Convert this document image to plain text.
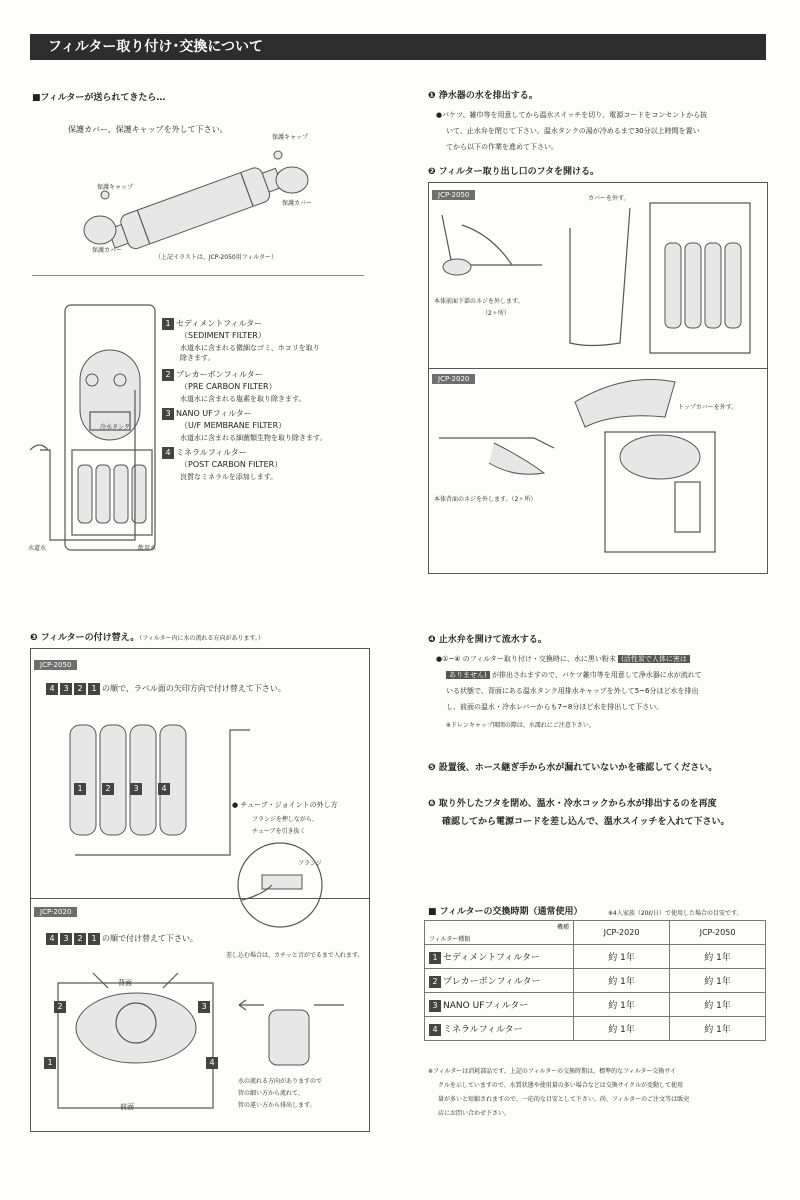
フィルター取り付け･交換について
■フィルターが送られてきたら…
保護カバー、保護キャップを外して下さい。
保護キャップ
保護カバー
保護キャップ
保護カバー
（上記イラストは、JCP-2050用フィルター）
冷水タンク
水道水	飲用水
1 セディメントフィルター
（SEDIMENT FILTER）
水道水に含まれる微細なゴミ、ホコリを取り
除きます。
2 プレカーボンフィルター
（PRE CARBON FILTER）
水道水に含まれる塩素を取り除きます。
3 NANO UFフィルター
（U/F MEMBRANE FILTER）
水道水に含まれる細菌類生物を取り除きます。
4 ミネラルフィルター
（POST CARBON FILTER）
良質なミネラルを添加します。
❶ 浄水器の水を排出する。
●バケツ、雑巾等を用意してから温水スイッチを切り、電源コードをコンセントから抜
いて、止水弁を閉じて下さい。温水タンクの湯が冷めるまで30分以上時間を置い
てから以下の作業を進めて下さい。
❷ フィルター取り出し口のフタを開ける。
JCP-2050
本体前面下部のネジを外します。
（2ヶ所）
カバーを外す。
JCP-2020
トップカバーを外す。
本体背面のネジを外します。（2ヶ所）
❸ フィルターの付け替え。（フィルター内に水の流れる方向があります。）
JCP-2050
4 3 2 1 の順で、ラベル面の矢印方向で付け替えて下さい。
1	2	3	4
● チューブ・ジョイントの外し方
フランジを押しながら、
チューブを引き抜く
フランジ
JCP-2020
4 3 2 1 の順で付け替えて下さい。
差し込む場合は、カチッと音がでるまで入れます。
背面
前面
2	3
1	4
水の流れる方向がありますので
管の細い方から流れて、
管の違い方から排出します。
❹ 止水弁を開けて流水する。
●①~④ のフィルター取り付け・交換時に、水に黒い粉末 (活性炭で人体に害は
ありません) が排出されますので、バケツ雑巾等を用意して浄水器に水が流れて
いる状態で、背面にある温水タンク用排水キャップを外して5~6分ほど水を排出
し、前面の温水・冷水レバーからも7~8分ほど水を排出して下さい。
※ドレンキャップ開閉の際は、水濡れにご注意下さい。
❺ 設置後、ホース継ぎ手から水が漏れていないかを確認してください。
❻ 取り外したフタを閉め、温水・冷水コックから水が排出するのを再度
確認してから電源コードを差し込んで、温水スイッチを入れて下さい。
■ フィルターの交換時期（通常使用）	※4人家族（20ℓ/日）で使用した場合の目安です。
機種
フィルター種類	JCP-2020	JCP-2050
1 セディメントフィルター	約 1年	約 1年
2 プレカーボンフィルター	約 1年	約 1年
3 NANO UFフィルター	約 1年	約 1年
4 ミネラルフィルター	約 1年	約 1年
※フィルターは消耗部品です。上記のフィルターの交換時期は、標準的なフィルター交換サイ
クルを示していますので、水質状態や使用量の多い場合などは交換サイクルが変動して使用
量が多いと短縮されますので、一応的な目安として下さい。尚、フィルターのご注文等は販売
店にお問い合わせ下さい。
